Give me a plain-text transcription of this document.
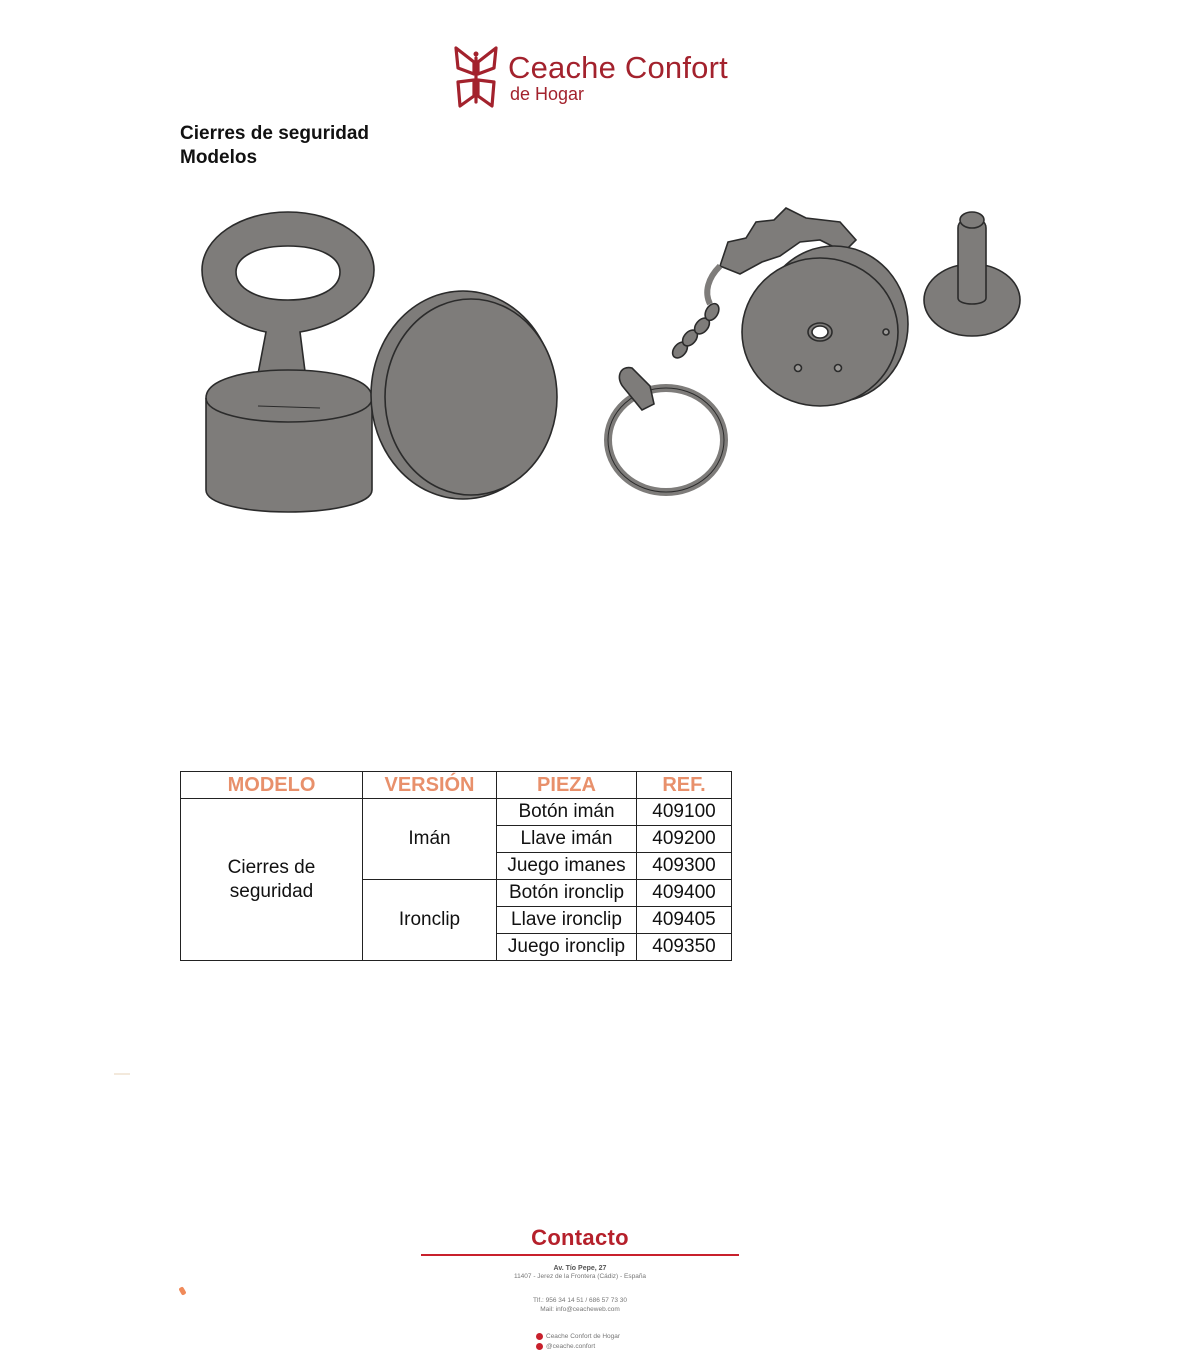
Ceache Confort
de Hogar
Cierres de seguridad
Modelos
MODELO	VERSIÓN	PIEZA	REF.
Cierres de seguridad	Imán	Botón imán	409100
		Llave imán	409200
		Juego imanes	409300
	Ironclip	Botón ironclip	409400
		Llave ironclip	409405
		Juego ironclip	409350
Contacto
Av. Tío Pepe, 27
11407 - Jerez de la Frontera (Cádiz) - España
Tlf.: 956 34 14 51 / 686 57 73 30
Mail: info@ceacheweb.com
Ceache Confort de Hogar
@ceache.confort
